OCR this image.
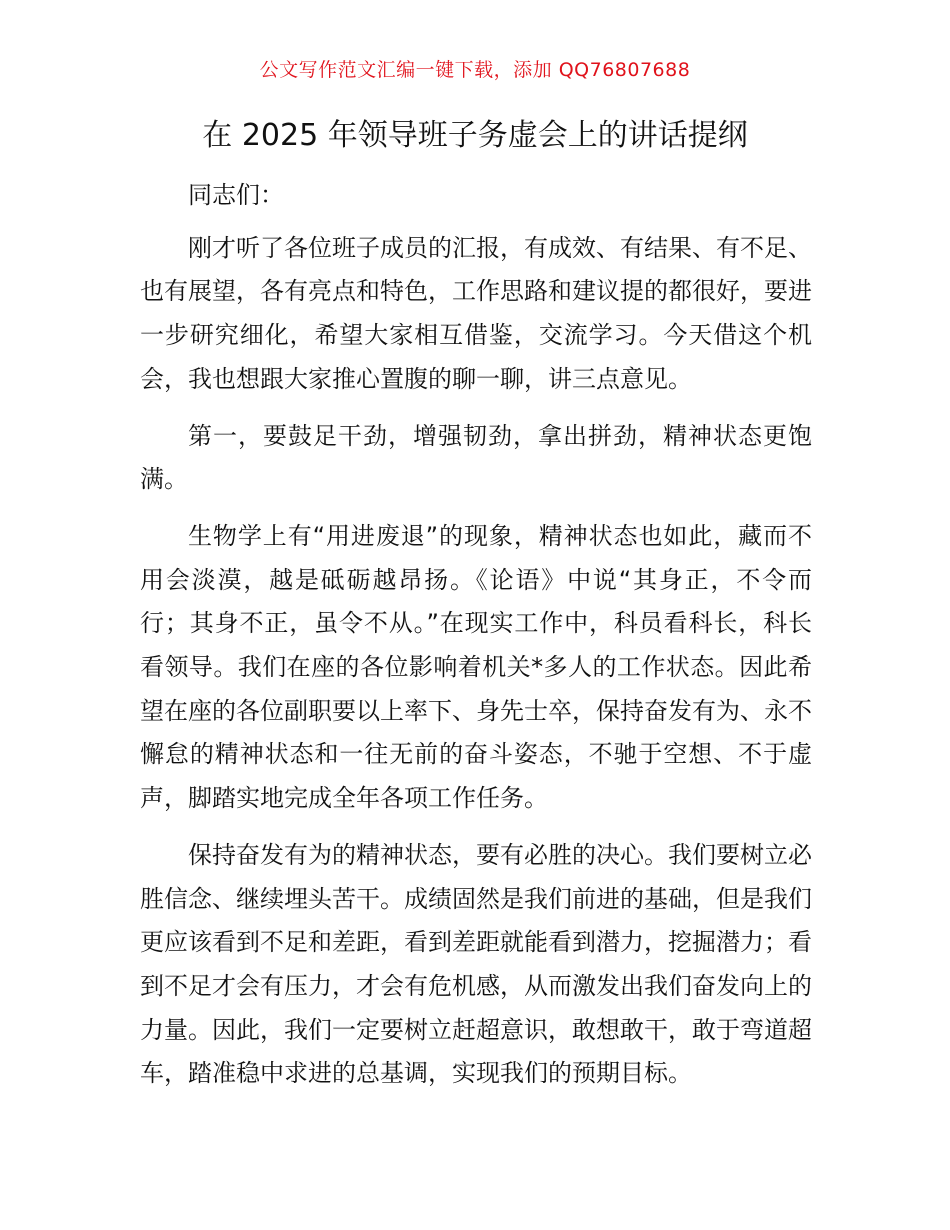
公文写作范文汇编一键下载，添加 QQ76807688
在 2025 年领导班子务虚会上的讲话提纲

同志们：

刚才听了各位班子成员的汇报，有成效、有结果、有不足、也有展望，各有亮点和特色，工作思路和建议提的都很好，要进一步研究细化，希望大家相互借鉴，交流学习。今天借这个机会，我也想跟大家推心置腹的聊一聊，讲三点意见。

第一，要鼓足干劲，增强韧劲，拿出拼劲，精神状态更饱满。

生物学上有“用进废退”的现象，精神状态也如此，藏而不用会淡漠，越是砥砺越昂扬。《论语》中说“其身正，不令而行；其身不正，虽令不从。”在现实工作中，科员看科长，科长看领导。我们在座的各位影响着机关*多人的工作状态。因此希望在座的各位副职要以上率下、身先士卒，保持奋发有为、永不懈怠的精神状态和一往无前的奋斗姿态，不驰于空想、不于虚声，脚踏实地完成全年各项工作任务。

保持奋发有为的精神状态，要有必胜的决心。我们要树立必胜信念、继续埋头苦干。成绩固然是我们前进的基础，但是我们更应该看到不足和差距，看到差距就能看到潜力，挖掘潜力；看到不足才会有压力，才会有危机感，从而激发出我们奋发向上的力量。因此，我们一定要树立赶超意识，敢想敢干，敢于弯道超车，踏准稳中求进的总基调，实现我们的预期目标。
